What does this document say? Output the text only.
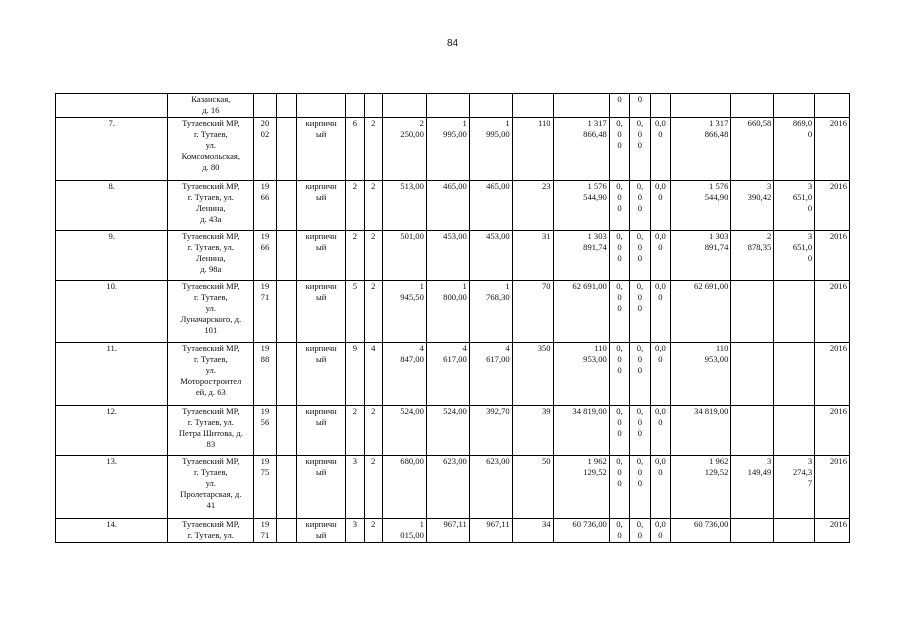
84
	Казанская,
д. 16											0	0					
7.	Тутаевский МР,
г. Тутаев,
ул.
Комсомольская,
д. 80	20
02		кирпичн
ый	6	2	2
250,00	1
995,00	1
995,00	110	1 317
866,48	0,
0
0	0,
0
0	0,0
0	1 317
866,48	660,58	869,0
0	2016
8.	Тутаевский МР,
г. Тутаев, ул.
Ленина,
д. 43а	19
66		кирпичн
ый	2	2	513,00	465,00	465,00	23	1 576
544,90	0,
0
0	0,
0
0	0,0
0	1 576
544,90	3
390,42	3
651,0
0	2016
9.	Тутаевский МР,
г. Тутаев, ул.
Ленина,
д. 98а	19
66		кирпичн
ый	2	2	501,00	453,00	453,00	31	1 303
891,74	0,
0
0	0,
0
0	0,0
0	1 303
891,74	2
878,35	3
651,0
0	2016
10.	Тутаевский МР,
г. Тутаев,
ул.
Луначарского, д.
101	19
71		кирпичн
ый	5	2	1
945,50	1
800,00	1
768,30	70	62 691,00	0,
0
0	0,
0
0	0,0
0	62 691,00			2016
11.	Тутаевский МР,
г. Тутаев,
ул.
Моторостроител
ей, д. 63	19
88		кирпичн
ый	9	4	4
847,00	4
617,00	4
617,00	350	110
953,00	0,
0
0	0,
0
0	0,0
0	110
953,00			2016
12.	Тутаевский МР,
г. Тутаев, ул.
Петра Шитова, д.
83	19
56		кирпичн
ый	2	2	524,00	524,00	392,70	39	34 819,00	0,
0
0	0,
0
0	0,0
0	34 819,00			2016
13.	Тутаевский МР,
г. Тутаев,
ул.
Пролетарская, д.
41	19
75		кирпичн
ый	3	2	680,00	623,00	623,00	50	1 962
129,52	0,
0
0	0,
0
0	0,0
0	1 962
129,52	3
149,49	3
274,3
7	2016
14.	Тутаевский МР,
г. Тутаев, ул.	19
71		кирпичн
ый	3	2	1
015,00	967,11	967,11	34	60 736,00	0,
0	0,
0	0,0
0	60 736,00			2016
